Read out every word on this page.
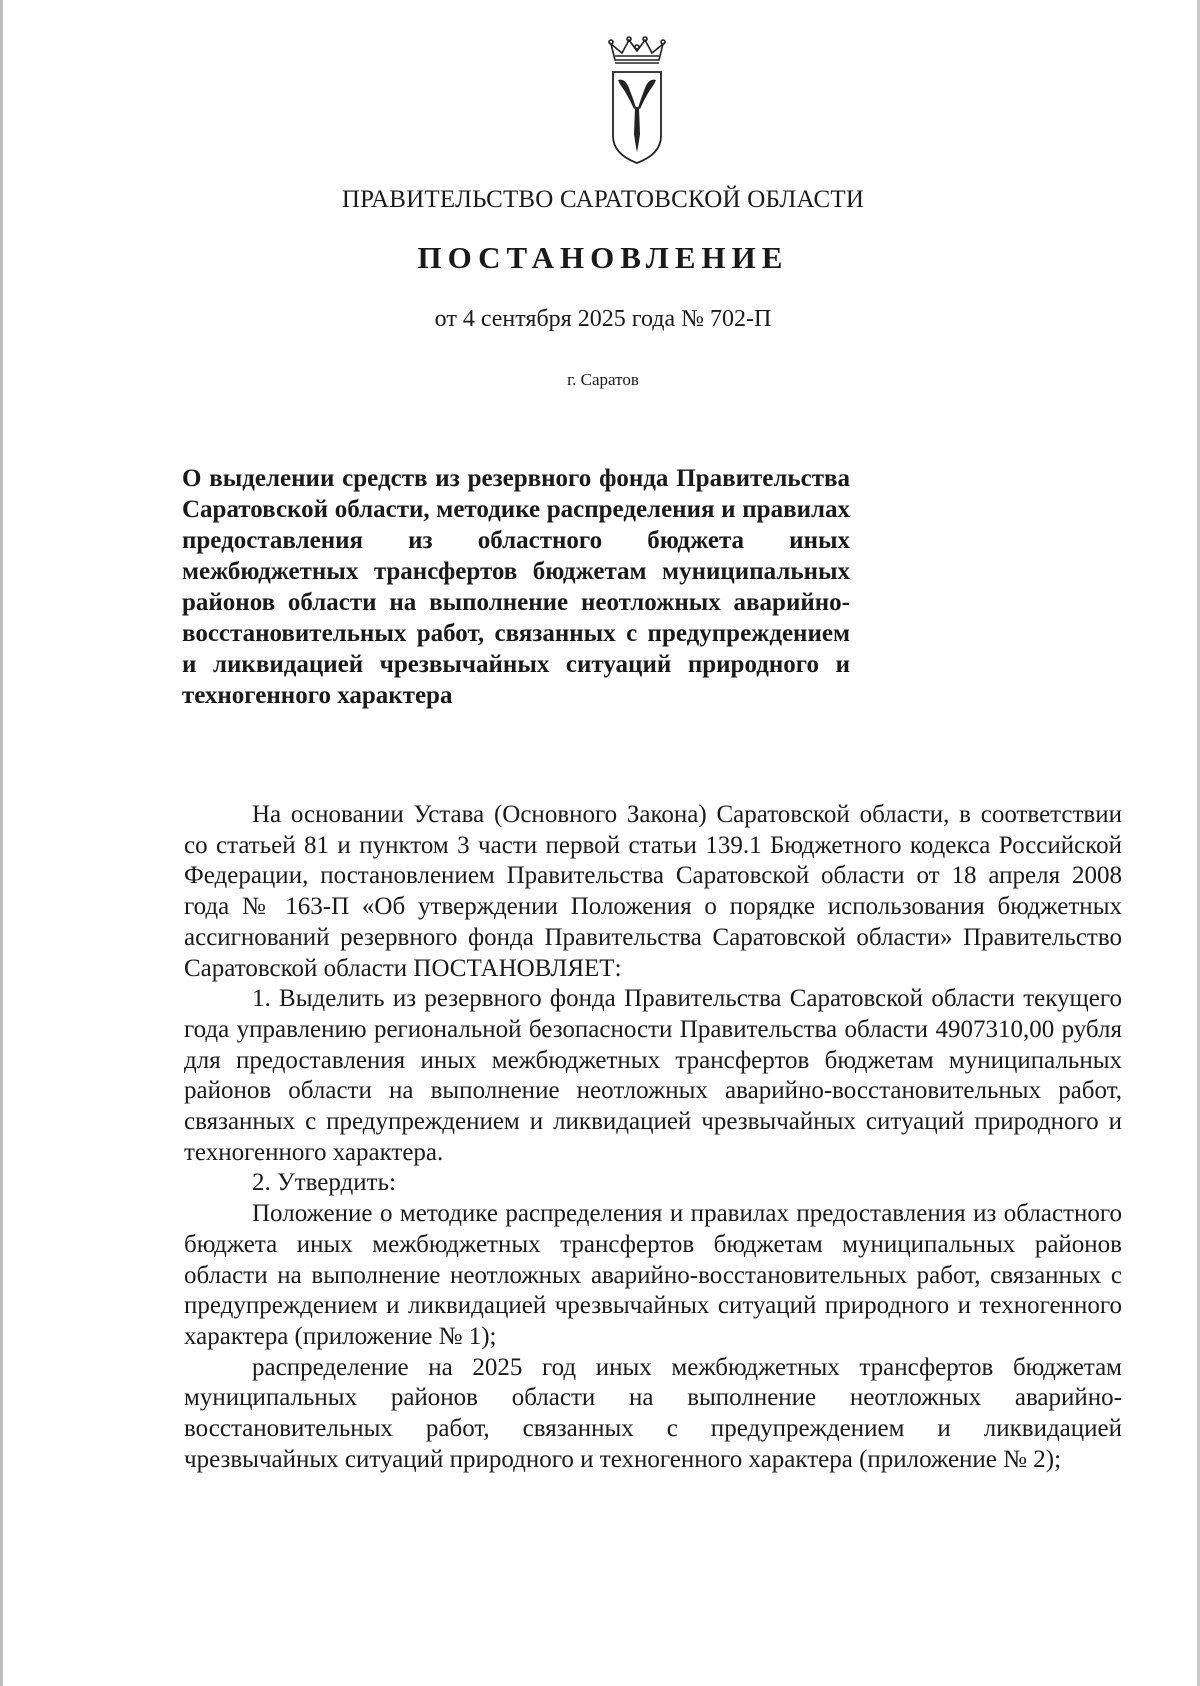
ПРАВИТЕЛЬСТВО САРАТОВСКОЙ ОБЛАСТИ
ПОСТАНОВЛЕНИЕ
от 4 сентября 2025 года № 702-П
г. Саратов
О выделении средств из резервного фонда Правительства Саратовской области, методике распределения и правилах предоставления из областного бюджета иных межбюджетных трансфертов бюджетам муниципальных районов области на выполнение неотложных аварийно-восстановительных работ, связанных с предупреждением и ликвидацией чрезвычайных ситуаций природного и техногенного характера

На основании Устава (Основного Закона) Саратовской области, в соответствии со статьей 81 и пунктом 3 части первой статьи 139.1 Бюджетного кодекса Российской Федерации, постановлением Правительства Саратовской области от 18 апреля 2008 года № 163-П «Об утверждении Положения о порядке использования бюджетных ассигнований резервного фонда Правительства Саратовской области» Правительство Саратовской области ПОСТАНОВЛЯЕТ:

1. Выделить из резервного фонда Правительства Саратовской области текущего года управлению региональной безопасности Правительства области 4907310,00 рубля для предоставления иных межбюджетных трансфертов бюджетам муниципальных районов области на выполнение неотложных аварийно-восстановительных работ, связанных с предупреждением и ликвидацией чрезвычайных ситуаций природного и техногенного характера.

2. Утвердить:

Положение о методике распределения и правилах предоставления из областного бюджета иных межбюджетных трансфертов бюджетам муниципальных районов области на выполнение неотложных аварийно-восстановительных работ, связанных с предупреждением и ликвидацией чрезвычайных ситуаций природного и техногенного характера (приложение № 1);

распределение на 2025 год иных межбюджетных трансфертов бюджетам муниципальных районов области на выполнение неотложных аварийно-восстановительных работ, связанных с предупреждением и ликвидацией чрезвычайных ситуаций природного и техногенного характера (приложение № 2);
